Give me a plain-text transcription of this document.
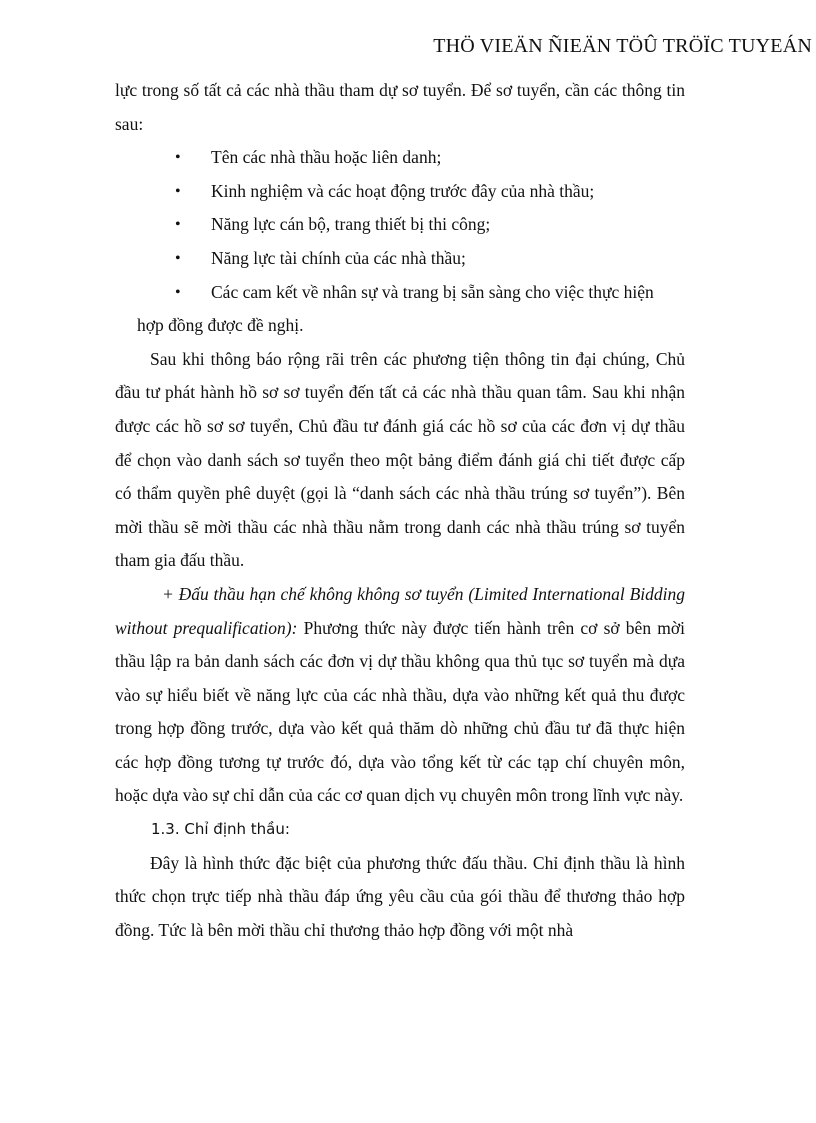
THÖ VIEÄN ÑIEÄN TÖÛ TRÖÏC TUYEÁN

lực trong số tất cả các nhà thầu tham dự sơ tuyển. Để sơ tuyển, cần các thông tin sau:

• Tên các nhà thầu hoặc liên danh;
• Kinh nghiệm và các hoạt động trước đây của nhà thầu;
• Năng lực cán bộ, trang thiết bị thi công;
• Năng lực tài chính của các nhà thầu;
•	Các cam kết về nhân sự và trang bị sẵn sàng cho việc thực hiện
hợp đồng được đề nghị.

Sau khi thông báo rộng rãi trên các phương tiện thông tin đại chúng, Chủ đầu tư phát hành hồ sơ sơ tuyển đến tất cả các nhà thầu quan tâm. Sau khi nhận được các hồ sơ sơ tuyển, Chủ đầu tư đánh giá các hồ sơ của các đơn vị dự thầu để chọn vào danh sách sơ tuyển theo một bảng điểm đánh giá chi tiết được cấp có thẩm quyền phê duyệt (gọi là “danh sách các nhà thầu trúng sơ tuyển”). Bên mời thầu sẽ mời thầu các nhà thầu nằm trong danh các nhà thầu trúng sơ tuyển tham gia đấu thầu.

+ Đấu thầu hạn chế không không sơ tuyển (Limited International Bidding without prequalification): Phương thức này được tiến hành trên cơ sở bên mời thầu lập ra bản danh sách các đơn vị dự thầu không qua thủ tục sơ tuyển mà dựa vào sự hiểu biết về năng lực của các nhà thầu, dựa vào những kết quả thu được trong hợp đồng trước, dựa vào kết quả thăm dò những chủ đầu tư đã thực hiện các hợp đồng tương tự trước đó, dựa vào tổng kết từ các tạp chí chuyên môn, hoặc dựa vào sự chỉ dẫn của các cơ quan dịch vụ chuyên môn trong lĩnh vực này.

1.3. Chỉ định thầu:

Đây là hình thức đặc biệt của phương thức đấu thầu. Chỉ định thầu là hình thức chọn trực tiếp nhà thầu đáp ứng yêu cầu của gói thầu để thương thảo hợp đồng. Tức là bên mời thầu chỉ thương thảo hợp đồng với một nhà
